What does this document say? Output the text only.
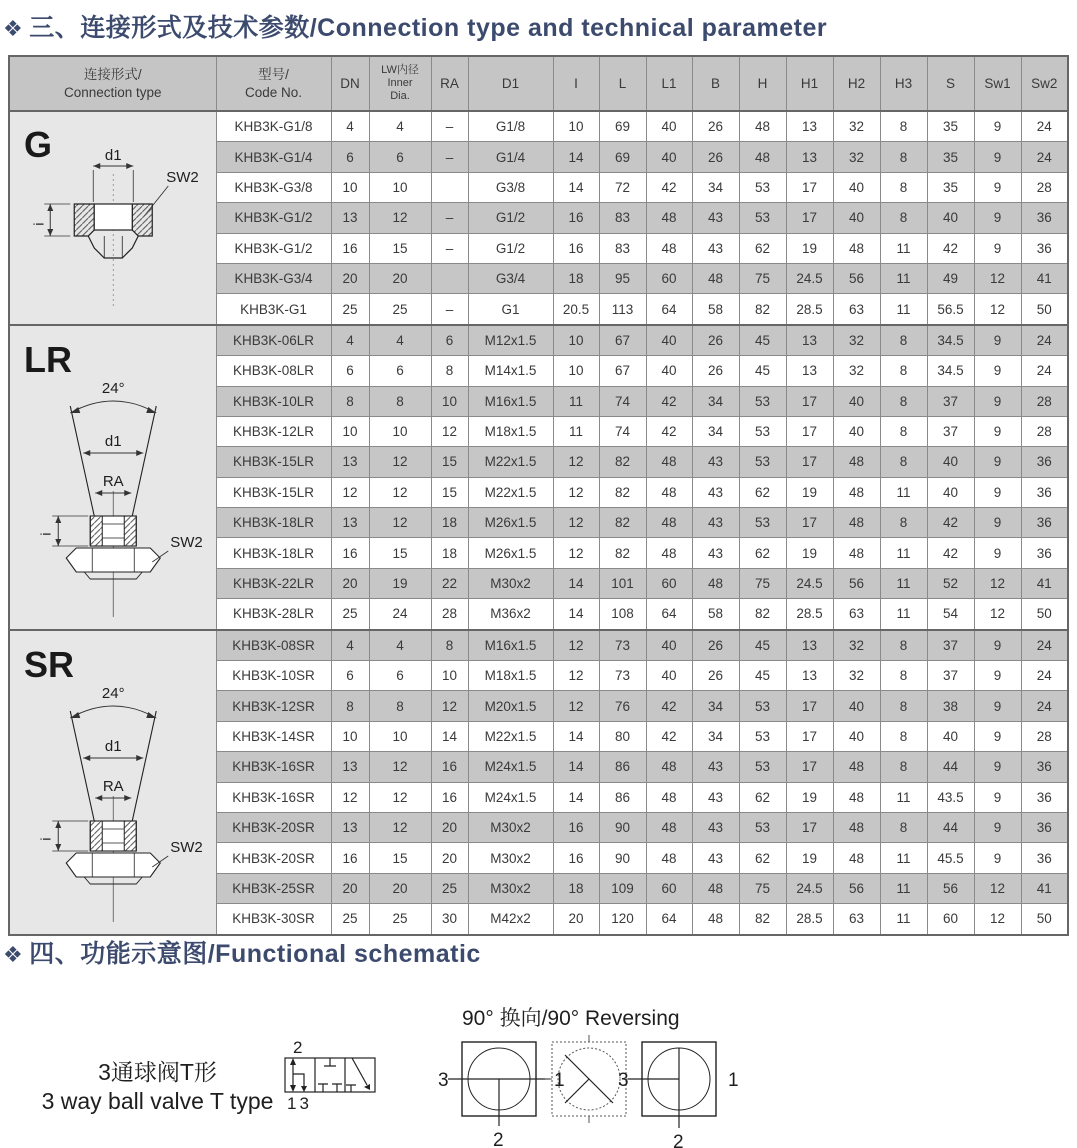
❖ 三、连接形式及技术参数/Connection type and technical parameter
连接形式/
Connection type	型号/
Code No.	DN	LW内径
Inner
Dia.	RA	D1	I	L	L1	B	H	H1	H2	H3	S	Sw1	Sw2

G d1
SW2
i	KHB3K-G1/8	4	4	–	G1/8	10	69	40	26	48	13	32	8	35	9	24
	KHB3K-G1/4	6	6	–	G1/4	14	69	40	26	48	13	32	8	35	9	24
	KHB3K-G3/8	10	10		G3/8	14	72	42	34	53	17	40	8	35	9	28
	KHB3K-G1/2	13	12	–	G1/2	16	83	48	43	53	17	40	8	40	9	36
	KHB3K-G1/2	16	15	–	G1/2	16	83	48	43	62	19	48	11	42	9	36
	KHB3K-G3/4	20	20		G3/4	18	95	60	48	75	24.5	56	11	49	12	41
	KHB3K-G1	25	25	–	G1	20.5	113	64	58	82	28.5	63	11	56.5	12	50

LR
24°
d1
RA
i	SW2
	KHB3K-06LR	4	4	6	M12x1.5	10	67	40	26	45	13	32	8	34.5	9	24
	KHB3K-08LR	6	6	8	M14x1.5	10	67	40	26	45	13	32	8	34.5	9	24
	KHB3K-10LR	8	8	10	M16x1.5	11	74	42	34	53	17	40	8	37	9	28
	KHB3K-12LR	10	10	12	M18x1.5	11	74	42	34	53	17	40	8	37	9	28
	KHB3K-15LR	13	12	15	M22x1.5	12	82	48	43	53	17	48	8	40	9	36
	KHB3K-15LR	12	12	15	M22x1.5	12	82	48	43	62	19	48	11	40	9	36
	KHB3K-18LR	13	12	18	M26x1.5	12	82	48	43	53	17	48	8	42	9	36
	KHB3K-18LR	16	15	18	M26x1.5	12	82	48	43	62	19	48	11	42	9	36
	KHB3K-22LR	20	19	22	M30x2	14	101	60	48	75	24.5	56	11	52	12	41
	KHB3K-28LR	25	24	28	M36x2	14	108	64	58	82	28.5	63	11	54	12	50

SR
24°
d1
RA
i	SW2
	KHB3K-08SR	4	4	8	M16x1.5	12	73	40	26	45	13	32	8	37	9	24
	KHB3K-10SR	6	6	10	M18x1.5	12	73	40	26	45	13	32	8	37	9	24
	KHB3K-12SR	8	8	12	M20x1.5	12	76	42	34	53	17	40	8	38	9	24
	KHB3K-14SR	10	10	14	M22x1.5	14	80	42	34	53	17	40	8	40	9	28
	KHB3K-16SR	13	12	16	M24x1.5	14	86	48	43	53	17	48	8	44	9	36
	KHB3K-16SR	12	12	16	M24x1.5	14	86	48	43	62	19	48	11	43.5	9	36
	KHB3K-20SR	13	12	20	M30x2	16	90	48	43	53	17	48	8	44	9	36
	KHB3K-20SR	16	15	20	M30x2	16	90	48	43	62	19	48	11	45.5	9	36
	KHB3K-25SR	20	20	25	M30x2	18	109	60	48	75	24.5	56	11	56	12	41
	KHB3K-30SR	25	25	30	M42x2	20	120	64	48	82	28.5	63	11	60	12	50
❖ 四、功能示意图/Functional schematic
3通球阀T形
3 way ball valve T type
2
13
90° 换向/90° Reversing
3	1
2
3	1
2
